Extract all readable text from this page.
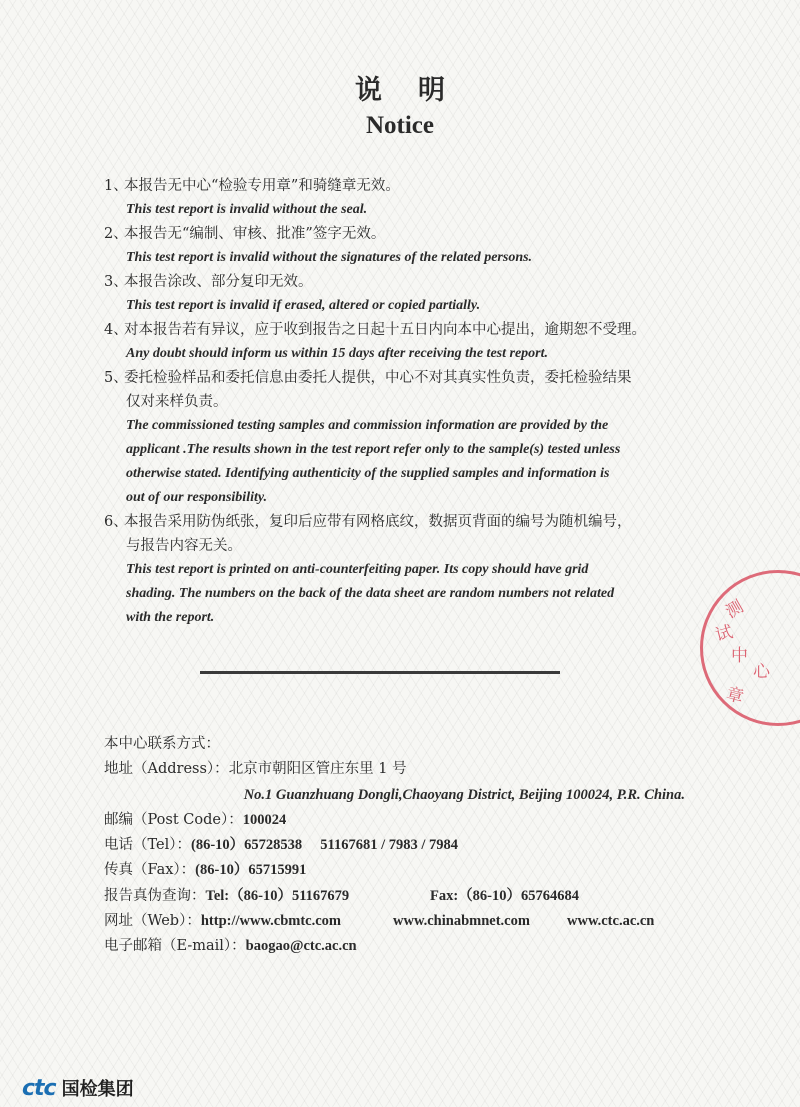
说明
Notice
1、本报告无中心“检验专用章”和骑缝章无效。
This test report is invalid without the seal.
2、本报告无“编制、审核、批准”签字无效。
This test report is invalid without the signatures of the related persons.
3、本报告涂改、部分复印无效。
This test report is invalid if erased, altered or copied partially.
4、对本报告若有异议，应于收到报告之日起十五日内向本中心提出，逾期恕不受理。
Any doubt should inform us within 15 days after receiving the test report.
5、委托检验样品和委托信息由委托人提供，中心不对其真实性负责，委托检验结果
仅对来样负责。
The commissioned testing samples and commission information are provided by the
applicant .The results shown in the test report refer only to the sample(s) tested unless
otherwise stated. Identifying authenticity of the supplied samples and information is
out of our responsibility.
6、本报告采用防伪纸张，复印后应带有网格底纹，数据页背面的编号为随机编号，
与报告内容无关。
This test report is printed on anti-counterfeiting paper. Its copy should have grid
shading. The numbers on the back of the data sheet are random numbers not related
with the report.
本中心联系方式：
地址（Address）：北京市朝阳区管庄东里 1 号
No.1 Guanzhuang Dongli,Chaoyang District, Beijing 100024, P.R. China.
邮编（Post Code）：100024
电话（Tel）：(86-10）65728538　 51167681 / 7983 / 7984
传真（Fax）：(86-10）65715991
报告真伪查询：Tel:（86-10）51167679	Fax:（86-10）65764684
网址（Web）：http://www.cbmtc.com	www.chinabmnet.com	www.ctc.ac.cn
电子邮箱（E-mail）：baogao@ctc.ac.cn
测
试
中
心
章
ctc 国检集团
